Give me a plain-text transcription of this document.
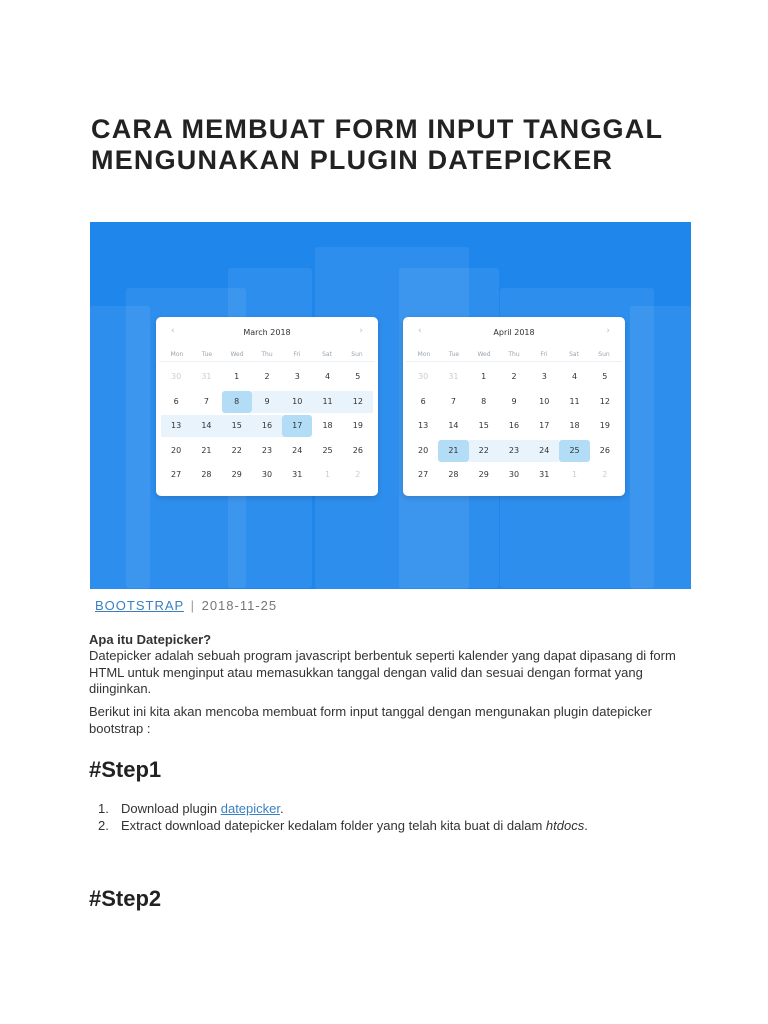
CARA MEMBUAT FORM INPUT TANGGAL MENGUNAKAN PLUGIN DATEPICKER
‹	March 2018	›
Mon	Tue	Wed	Thu	Fri	Sat	Sun
30	31	1	2	3	4	5
6	7	8	9	10	11	12
13	14	15	16	17	18	19
20	21	22	23	24	25	26
27	28	29	30	31	1	2
‹	April 2018	›
Mon	Tue	Wed	Thu	Fri	Sat	Sun
30	31	1	2	3	4	5
6	7	8	9	10	11	12
13	14	15	16	17	18	19
20	21	22	23	24	25	26
27	28	29	30	31	1	2
BOOTSTRAP | 2018-11-25

Apa itu Datepicker?

Datepicker adalah sebuah program javascript berbentuk seperti kalender yang dapat dipasang di form HTML untuk menginput atau memasukkan tanggal dengan valid dan sesuai dengan format yang diinginkan.

Berikut ini kita akan mencoba membuat form input tanggal dengan mengunakan plugin datepicker bootstrap :

#Step1
1. Download plugin datepicker.
2. Extract download datepicker kedalam folder yang telah kita buat di dalam htdocs.
#Step2
